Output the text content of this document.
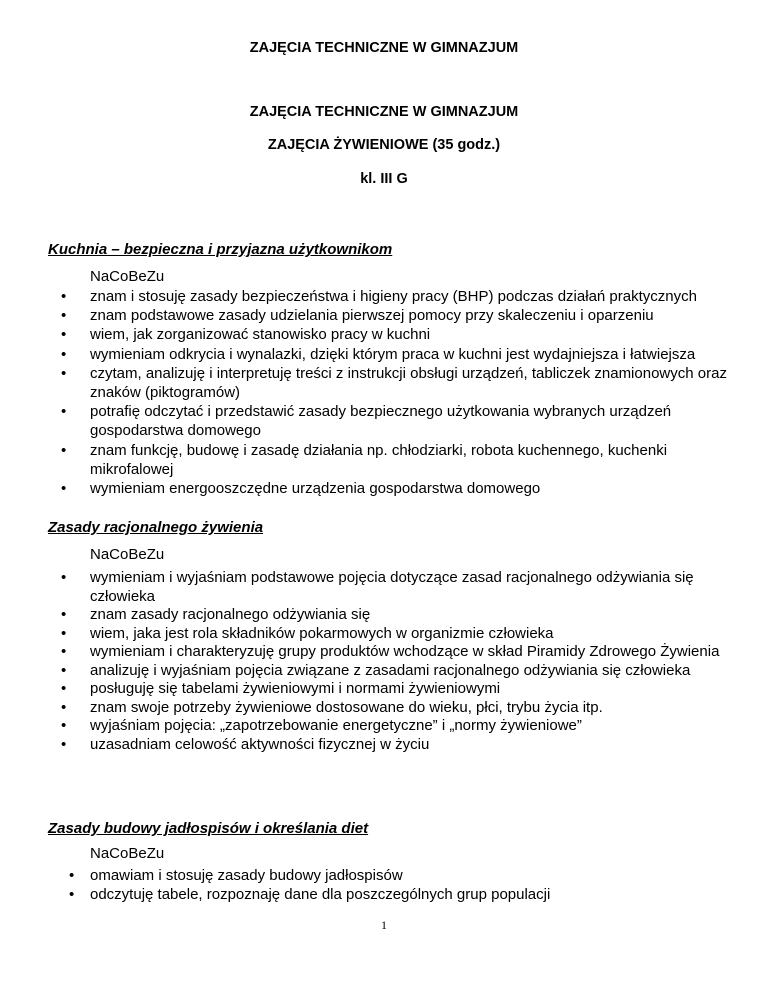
ZAJĘCIA TECHNICZNE W GIMNAZJUM
ZAJĘCIA TECHNICZNE W GIMNAZJUM
ZAJĘCIA ŻYWIENIOWE (35 godz.)
kl. III G
Kuchnia – bezpieczna i przyjazna użytkownikom
NaCoBeZu
• znam i stosuję zasady bezpieczeństwa i higieny pracy (BHP) podczas działań praktycznych
• znam podstawowe zasady udzielania pierwszej pomocy przy skaleczeniu i oparzeniu
• wiem, jak zorganizować stanowisko pracy w kuchni
• wymieniam odkrycia i wynalazki, dzięki którym praca w kuchni jest wydajniejsza i łatwiejsza
• czytam, analizuję i interpretuję treści z instrukcji obsługi urządzeń, tabliczek znamionowych oraz znaków (piktogramów)
• potrafię odczytać i przedstawić zasady bezpiecznego użytkowania wybranych urządzeń gospodarstwa domowego
• znam funkcję, budowę i zasadę działania np. chłodziarki, robota kuchennego, kuchenki mikrofalowej
• wymieniam energooszczędne urządzenia gospodarstwa domowego
Zasady racjonalnego żywienia
NaCoBeZu
• wymieniam i wyjaśniam podstawowe pojęcia dotyczące zasad racjonalnego odżywiania się człowieka
• znam zasady racjonalnego odżywiania się
• wiem, jaka jest rola składników pokarmowych w organizmie człowieka
• wymieniam i charakteryzuję grupy produktów wchodzące w skład Piramidy Zdrowego Żywienia
• analizuję i wyjaśniam pojęcia związane z zasadami racjonalnego odżywiania się człowieka
• posługuję się tabelami żywieniowymi i normami żywieniowymi
• znam swoje potrzeby żywieniowe dostosowane do wieku, płci, trybu życia itp.
• wyjaśniam pojęcia: „zapotrzebowanie energetyczne” i „normy żywieniowe”
• uzasadniam celowość aktywności fizycznej w życiu
Zasady budowy jadłospisów i określania diet
NaCoBeZu
• omawiam i stosuję zasady budowy jadłospisów
• odczytuję tabele, rozpoznaję dane dla poszczególnych grup populacji
1
